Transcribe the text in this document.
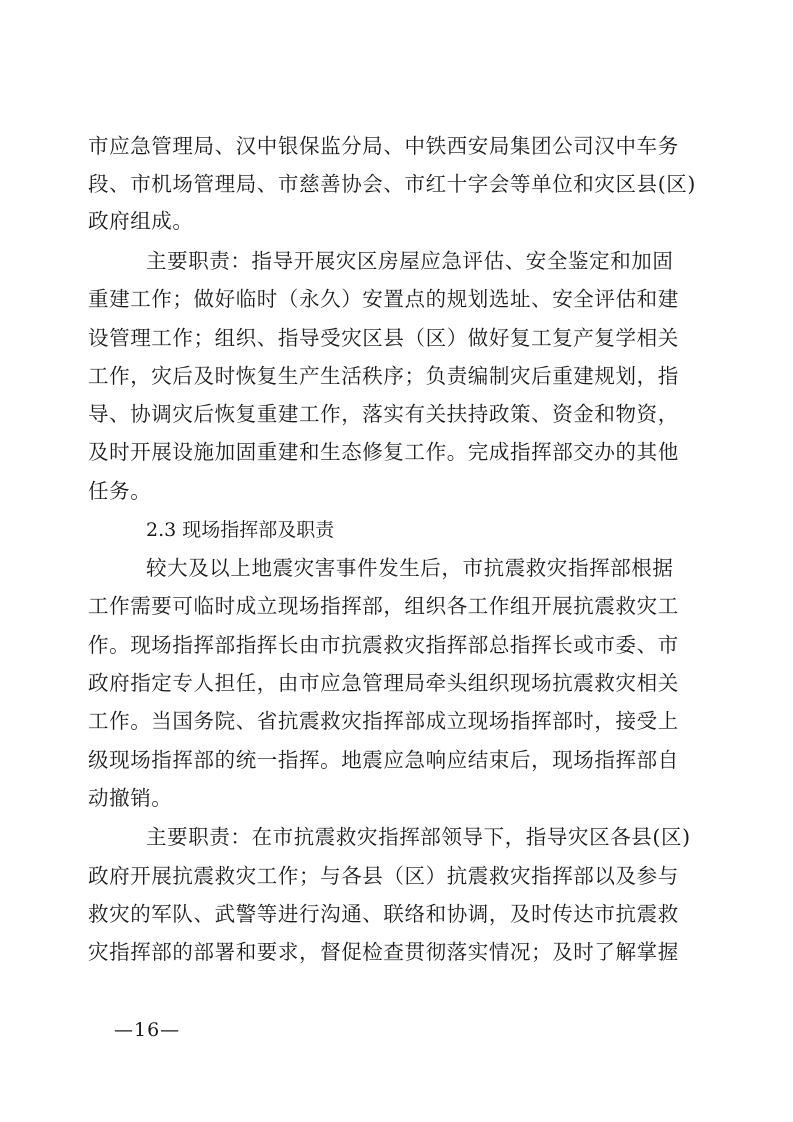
市应急管理局、汉中银保监分局、中铁西安局集团公司汉中车务
段、市机场管理局、市慈善协会、市红十字会等单位和灾区县(区)
政府组成。
主要职责：指导开展灾区房屋应急评估、安全鉴定和加固
重建工作；做好临时（永久）安置点的规划选址、安全评估和建
设管理工作；组织、指导受灾区县（区）做好复工复产复学相关
工作，灾后及时恢复生产生活秩序；负责编制灾后重建规划，指
导、协调灾后恢复重建工作，落实有关扶持政策、资金和物资，
及时开展设施加固重建和生态修复工作。完成指挥部交办的其他
任务。
2.3 现场指挥部及职责
较大及以上地震灾害事件发生后，市抗震救灾指挥部根据
工作需要可临时成立现场指挥部，组织各工作组开展抗震救灾工
作。现场指挥部指挥长由市抗震救灾指挥部总指挥长或市委、市
政府指定专人担任，由市应急管理局牵头组织现场抗震救灾相关
工作。当国务院、省抗震救灾指挥部成立现场指挥部时，接受上
级现场指挥部的统一指挥。地震应急响应结束后，现场指挥部自
动撤销。
主要职责：在市抗震救灾指挥部领导下，指导灾区各县(区)
政府开展抗震救灾工作；与各县（区）抗震救灾指挥部以及参与
救灾的军队、武警等进行沟通、联络和协调，及时传达市抗震救
灾指挥部的部署和要求，督促检查贯彻落实情况；及时了解掌握
—16—
